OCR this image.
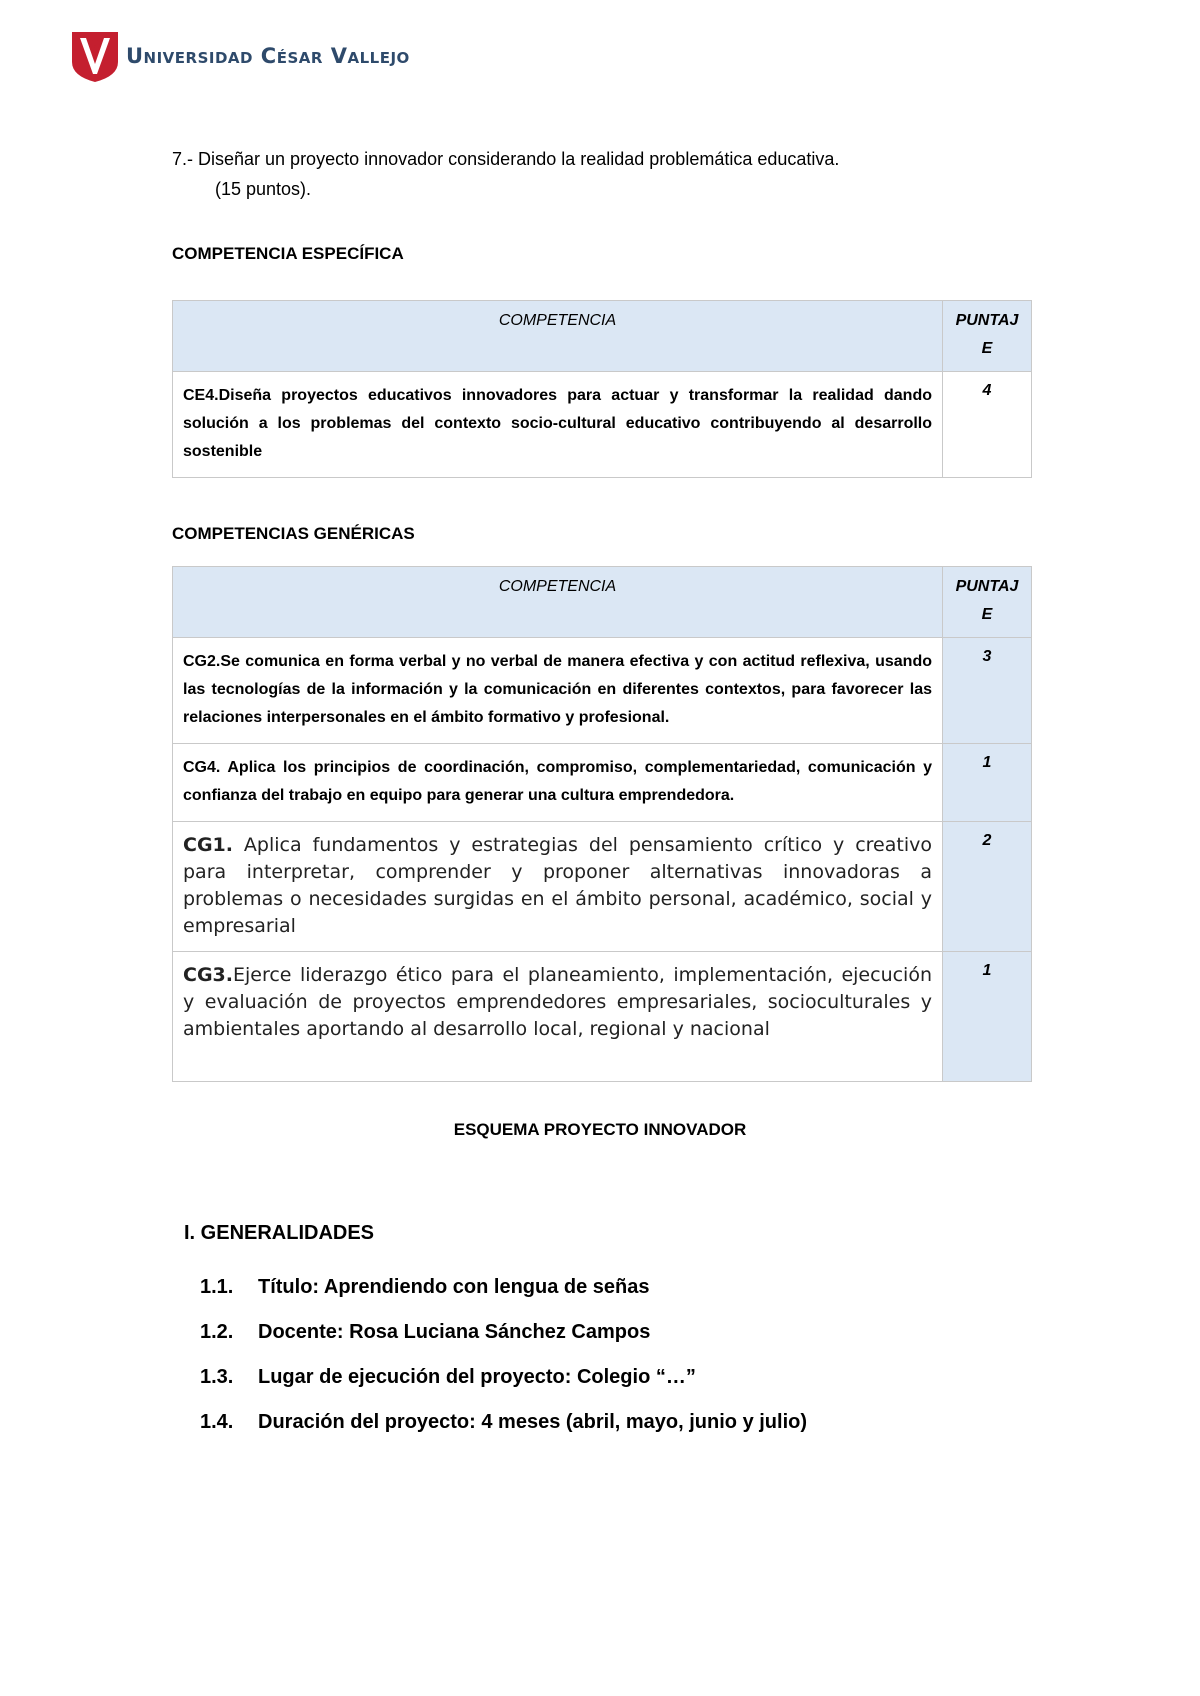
Universidad César Vallejo
7.- Diseñar un proyecto innovador considerando la realidad problemática educativa.
(15 puntos).
COMPETENCIA ESPECÍFICA
COMPETENCIA	PUNTAJ
E

CE4.Diseña proyectos educativos innovadores para actuar y transformar la realidad dando solución a los problemas del contexto socio-cultural educativo contribuyendo al desarrollo sostenible	4
COMPETENCIAS GENÉRICAS
COMPETENCIA	PUNTAJ
E

CG2.Se comunica en forma verbal y no verbal de manera efectiva y con actitud reflexiva, usando las tecnologías de la información y la comunicación en diferentes contextos, para favorecer las relaciones interpersonales en el ámbito formativo y profesional.	3
CG4. Aplica los principios de coordinación, compromiso, complementariedad, comunicación y confianza del trabajo en equipo para generar una cultura emprendedora.	1
CG1. Aplica fundamentos y estrategias del pensamiento crítico y creativo para interpretar, comprender y proponer alternativas innovadoras a problemas o necesidades surgidas en el ámbito personal, académico, social y empresarial	2
CG3.Ejerce liderazgo ético para el planeamiento, implementación, ejecución y evaluación de proyectos emprendedores empresariales, socioculturales y ambientales aportando al desarrollo local, regional y nacional	1
ESQUEMA PROYECTO INNOVADOR
I. GENERALIDADES
1.1.	Título: Aprendiendo con lengua de señas
1.2.	Docente: Rosa Luciana Sánchez Campos
1.3.	Lugar de ejecución del proyecto: Colegio “…”
1.4.	Duración del proyecto: 4 meses (abril, mayo, junio y julio)
